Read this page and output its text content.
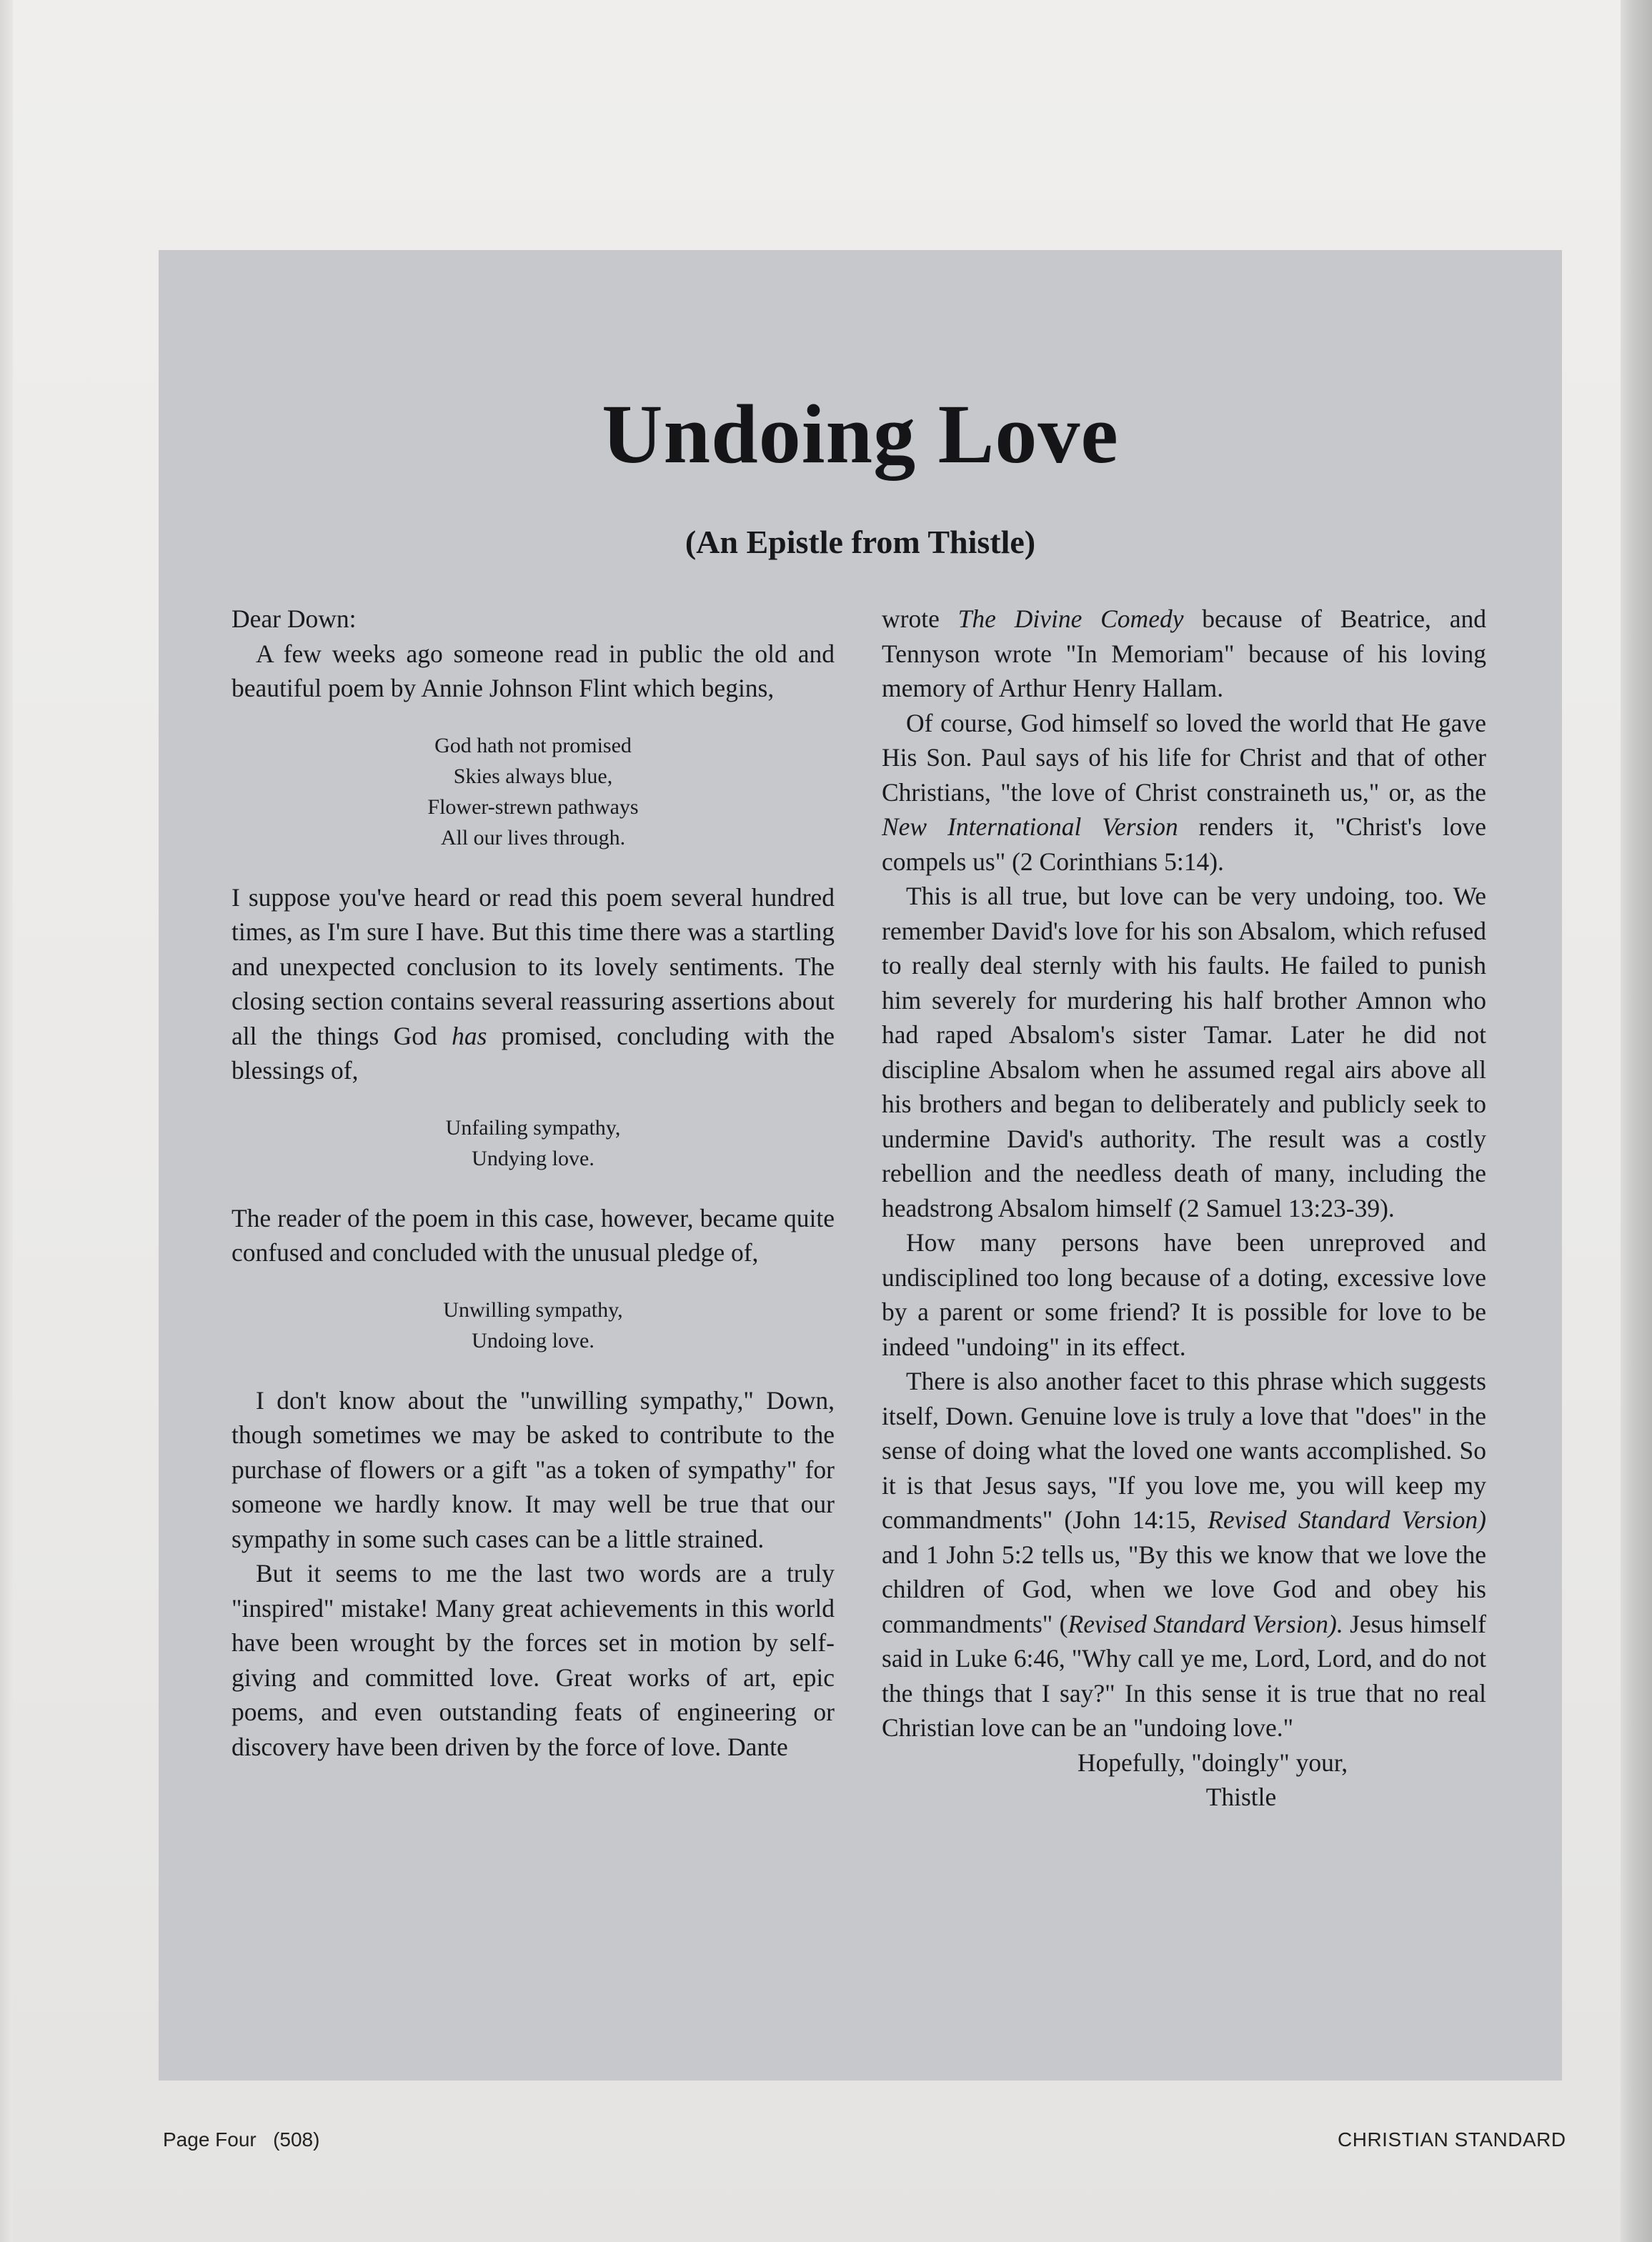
Undoing Love
(An Epistle from Thistle)

Dear Down:

A few weeks ago someone read in public the old and beautiful poem by Annie Johnson Flint which begins,

God hath not promised
Skies always blue,
Flower-strewn pathways
All our lives through.

I suppose you've heard or read this poem several hundred times, as I'm sure I have. But this time there was a startling and unexpected conclusion to its lovely sentiments. The closing section contains several reassuring assertions about all the things God has promised, concluding with the blessings of,

Unfailing sympathy,
Undying love.

The reader of the poem in this case, however, became quite confused and concluded with the unusual pledge of,

Unwilling sympathy,
Undoing love.

I don't know about the "unwilling sympathy," Down, though sometimes we may be asked to contribute to the purchase of flowers or a gift "as a token of sympathy" for someone we hardly know. It may well be true that our sympathy in some such cases can be a little strained.

But it seems to me the last two words are a truly "inspired" mistake! Many great achievements in this world have been wrought by the forces set in motion by self-giving and committed love. Great works of art, epic poems, and even outstanding feats of engineering or discovery have been driven by the force of love. Dante

wrote The Divine Comedy because of Beatrice, and Tennyson wrote "In Memoriam" because of his loving memory of Arthur Henry Hallam.

Of course, God himself so loved the world that He gave His Son. Paul says of his life for Christ and that of other Christians, "the love of Christ constraineth us," or, as the New International Version renders it, "Christ's love compels us" (2 Corinthians 5:14).

This is all true, but love can be very undoing, too. We remember David's love for his son Absalom, which refused to really deal sternly with his faults. He failed to punish him severely for murdering his half brother Amnon who had raped Absalom's sister Tamar. Later he did not discipline Absalom when he assumed regal airs above all his brothers and began to deliberately and publicly seek to undermine David's authority. The result was a costly rebellion and the needless death of many, including the headstrong Absalom himself (2 Samuel 13:23-39).

How many persons have been unreproved and undisciplined too long because of a doting, excessive love by a parent or some friend? It is possible for love to be indeed "undoing" in its effect.

There is also another facet to this phrase which suggests itself, Down. Genuine love is truly a love that "does" in the sense of doing what the loved one wants accomplished. So it is that Jesus says, "If you love me, you will keep my commandments" (John 14:15, Revised Standard Version) and 1 John 5:2 tells us, "By this we know that we love the children of God, when we love God and obey his commandments" (Revised Standard Version). Jesus himself said in Luke 6:46, "Why call ye me, Lord, Lord, and do not the things that I say?" In this sense it is true that no real Christian love can be an "undoing love."

Hopefully, "doingly" your,
Thistle
Page Four   (508)	CHRISTIAN STANDARD
